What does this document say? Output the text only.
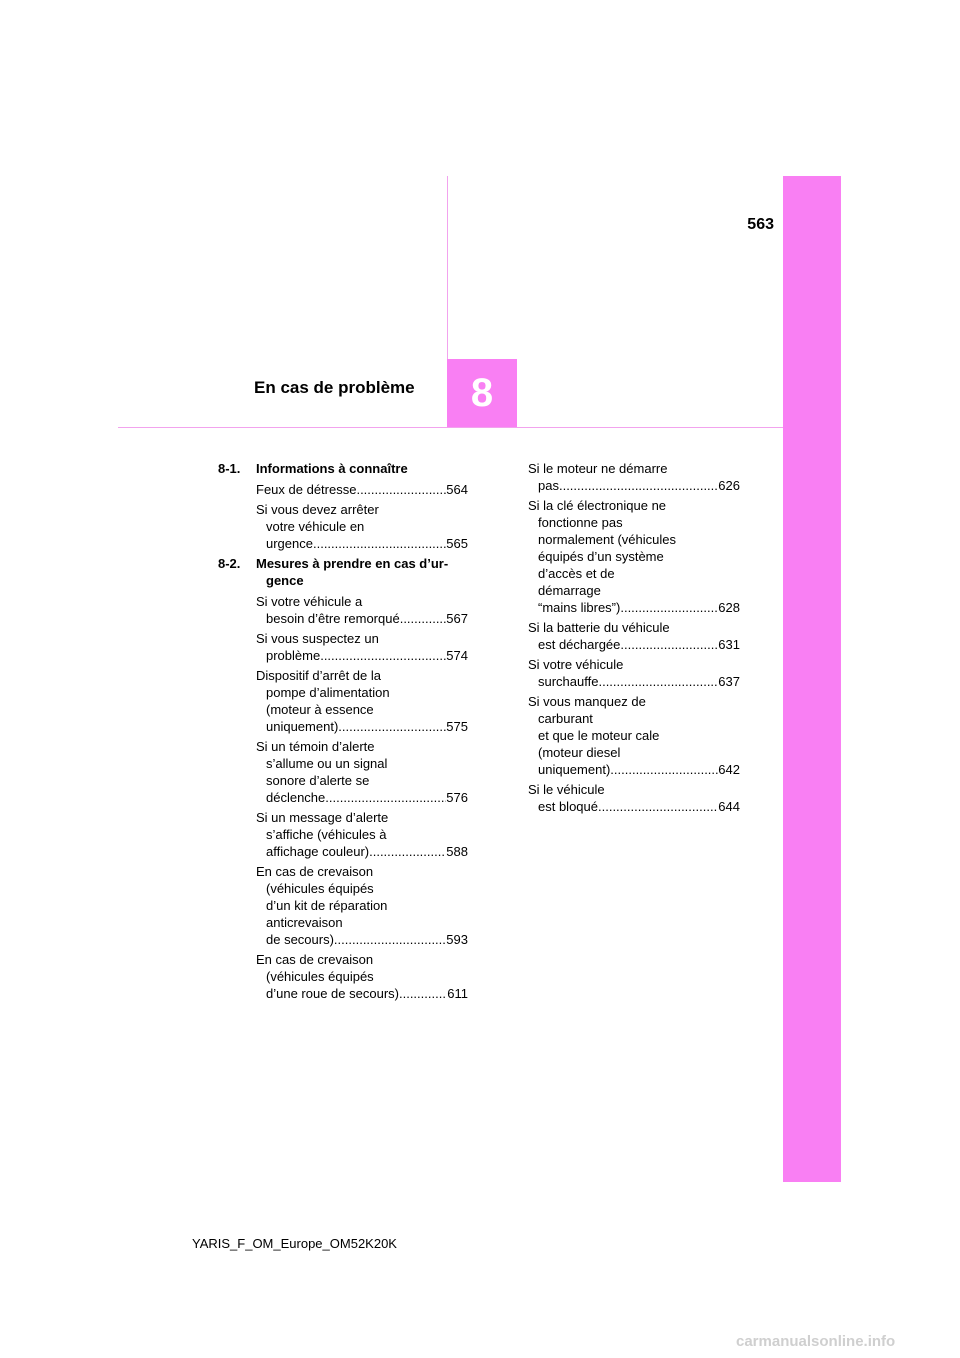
563
8
En cas de problème
8-1.	Informations à connaître
Feux de détresse .....	564
Si vous devez arrêter
votre véhicule en
urgence .....	565
8-2.	Mesures à prendre en cas d’ur-
gence
Si votre véhicule a
besoin d’être remorqué .....	567
Si vous suspectez un
problème .....	574
Dispositif d’arrêt de la
pompe d’alimentation
(moteur à essence
uniquement) .....	575
Si un témoin d’alerte
s’allume ou un signal
sonore d’alerte se
déclenche .....	576
Si un message d’alerte
s’affiche (véhicules à
affichage couleur) .....	588
En cas de crevaison
(véhicules équipés
d’un kit de réparation
anticrevaison
de secours) .....	593
En cas de crevaison
(véhicules équipés
d’une roue de secours) .....	611
Si le moteur ne démarre
pas .....	626
Si la clé électronique ne
fonctionne pas
normalement (véhicules
équipés d’un système
d’accès et de
démarrage
“mains libres”) .....	628
Si la batterie du véhicule
est déchargée .....	631
Si votre véhicule
surchauffe .....	637
Si vous manquez de
carburant
et que le moteur cale
(moteur diesel
uniquement) .....	642
Si le véhicule
est bloqué .....	644
YARIS_F_OM_Europe_OM52K20K
carmanualsonline.info
